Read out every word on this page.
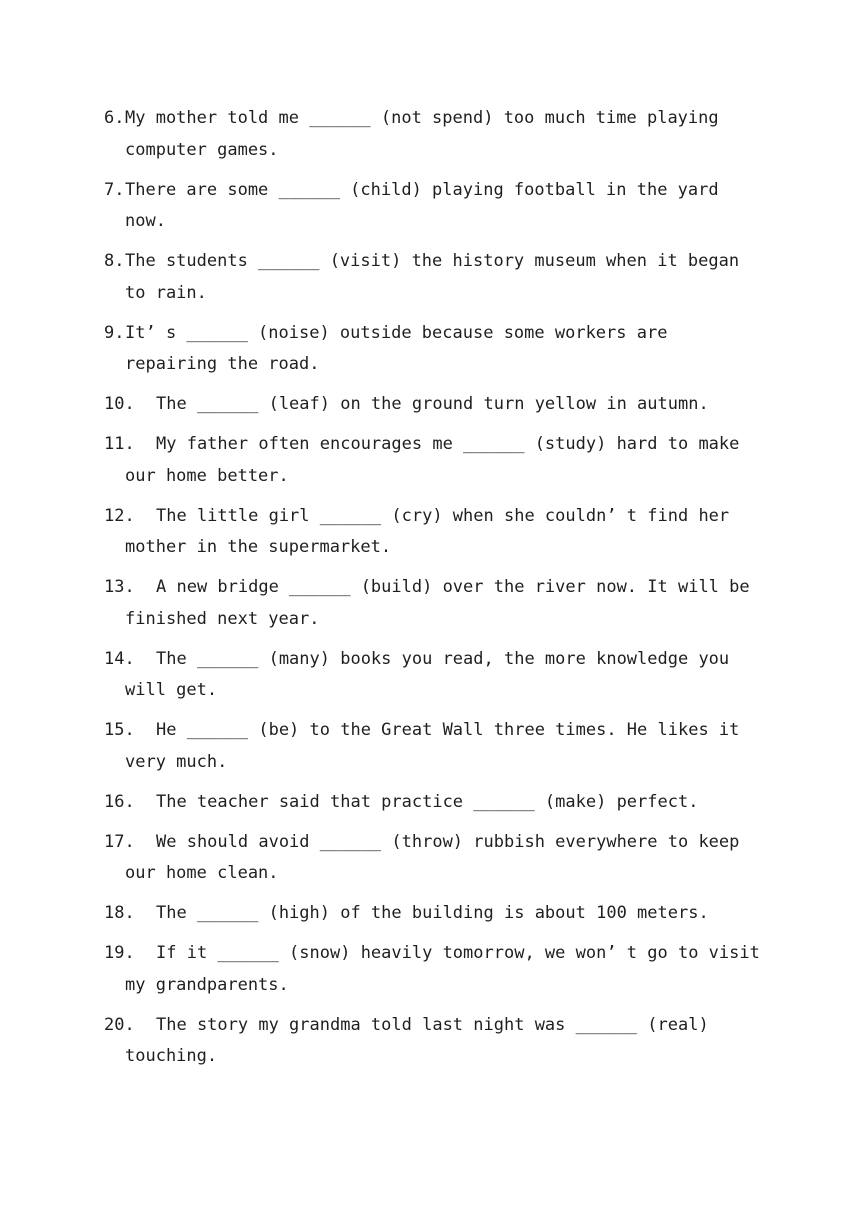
6. My mother told me ______ (not spend) too much time playing computer games.
7. There are some ______ (child) playing football in the yard now.
8. The students ______ (visit) the history museum when it began to rain.
9. It’ s ______ (noise) outside because some workers are repairing the road.
10.	The ______ (leaf) on the ground turn yellow in autumn.
11.	My father often encourages me ______ (study) hard to make our home better.
12.	The little girl ______ (cry) when she couldn’ t find her mother in the supermarket.
13.	A new bridge ______ (build) over the river now. It will be finished next year.
14.	The ______ (many) books you read, the more knowledge you will get.
15.	He ______ (be) to the Great Wall three times. He likes it very much.
16.	The teacher said that practice ______ (make) perfect.
17.	We should avoid ______ (throw) rubbish everywhere to keep our home clean.
18.	The ______ (high) of the building is about 100 meters.
19.	If it ______ (snow) heavily tomorrow, we won’ t go to visit my grandparents.
20.	The story my grandma told last night was ______ (real) touching.
